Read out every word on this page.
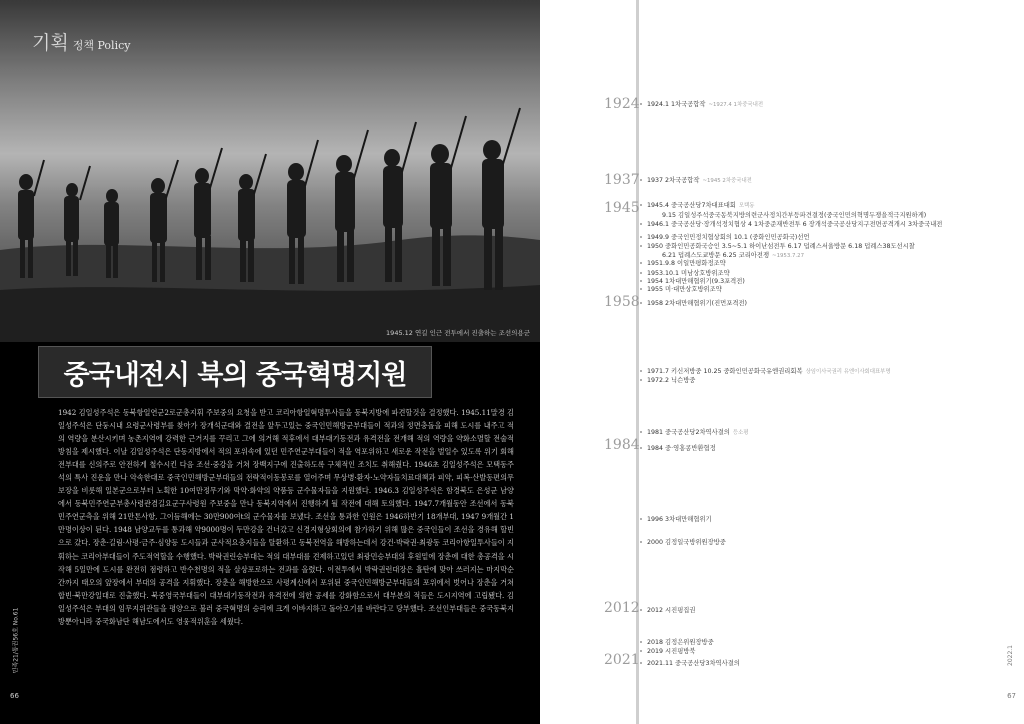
기획 정책 Policy
1945.12 연길 인근 전투에서 진출하는 조선의용군
중국내전시 북의 중국혁명지원
1942 김일성주석은 동북항일연군2로군총지휘 주보중의 요청을 받고 코리아항일혁명투사들을 동북지방에 파견할것을 결정했다. 1945.11말경 김일성주석은 단둥시내 요령군사령부를 찾아가 장개석군대와 결전을 앞두고있는 중국인민해방군부대들이 적과의 정면충돌을 피해 도시를 내주고 적의 역량을 분산시키며 농촌지역에 강력한 근거지를 꾸리고 그에 의거해 적후에서 대부대기동전과 유격전을 전개해 적의 역량을 약화소멸할 전술적방침을 제시했다. 이날 김일성주석은 단동지방에서 적의 포위속에 있던 민주연군부대들이 적을 역포위하고 새로운 작전을 벌일수 있도록 위기 회해 전부대를 신의주로 안전하게 철수시킨 다음 조선·중강을 거쳐 장백지구에 진출하도록 구체적인 조치도 취해줬다. 1946초 김일성주석은 모택동주석의 특사 진운을 만나 악속한대로 중국인민해방군부대들의 전략적이동봉로를 열어주며 무상병·환자·노약자들치료대책과 피약, 피복·산발동편의무보장을 비롯해 일본군으로부터 노획한 10여만정무기와 막약·화약의 약품등 군수물자들을 지원했다. 1946.3 김일성주석은 함경북도 은성군 남양에서 동북민주연군부총사령관겸길요군구사령원 주보중을 만나 동북지역에서 진행하게 될 작전에 대해 토의했다. 1947.7개월동안 조선에서 동북민주연군측을 위해 21만톤사항, 그이듬해에는 30만900여t의 군수물자를 보냈다. 조선을 통과한 인원은 1946하반기 18개부대, 1947 9개월간 1만명이상이 된다. 1948 남양교두를 통과해 약9000명이 두만강을 건너갔고 신경지형상회의에 참가하기 위해 많은 중국인들이 조선을 경유해 할빈으로 갔다. 장춘·길림·사평·금주·심양등 도시들과 군사적요충지들을 탈환하고 동북전역을 해방하는데서 강건·박락권·최광동 코리아항일투사들이 지휘하는 코리아부대들이 주도적역할을 수행했다. 박락권린승부대는 적의 대부대를 견제하고있던 최광민승부대의 후원밑에 장춘에 대한 총공격을 시작해 5일만에 도시를 완전히 점령하고 반수천명의 적을 살상포로하는 전과를 올렸다. 이전투에서 박락권런대장은 휼탄에 맞아 쓰러지는 마지막순간까지 태오의 앞장에서 부대의 공격을 지휘했다. 장춘을 해방한으로 사평계신에서 포위된 중국인민해방군부대들의 포위에서 벗어나 장춘을 거쳐 합빈·북만강일대로 진출했다. 북중영국부대들이 대부대기동작전과 유격전에 의한 공세를 강화함으로서 대부분의 적들은 도시지역에 고립됐다. 김일성주석은 부대의 임무지위관들을 평양으로 불러 중국혁명의 승리에 크게 이바지하고 돌아오기를 바란다고 당부했다. 조선인부대들은 중국동북지방뿐아니라 중국화남단 해남도에서도 영웅적위훈을 세웠다.
민족21/통권56호 No.61
66
1924
1937
1945
1958
1984
2012
2021
1924.1 1차국공합작 ~1927.4 1차중국내전
1937 2차국공합작 ~1945 2차중국내전
1945.4 중국공산당7차대표대회 모택동
9.15 김일성주석중국동북지방의련군사정치간부등파견결정(중국인민의혁명두쟁을적극지원하게)
1946.1 중국공산당·장개석정치협상 4 1차중준재반전투 6 장개석중국공산당지구전면공격개시 3차중국내전
1949.9 중국인민정치협상회의 10.1 (중화인민공화국)선언
1950 중화인민공화국승인 3.5~5.1 하이난섬전투 6.17 덥례스서울방문 6.18 덥례스38도선시찰
6.21 덥례스도쿄방문 6.25 코리아전쟁 ~1953.7.27
1951.9.8 이일만평화정조약
1953.10.1 미남상호방위조약
1954 1차대만해협위기(9.3포격전)
1955 미·대만상호방위조약
1958 2차대만해협위기(진먼포격전)
1971.7 키신저방중 10.25 중화인민공화국유엔권리회복 상임이사국권리 유엔이사회대표부명
1972.2 닉슨방중
1981 중국공산당2차역사결의 등소평
1984 중·영홍콩반환협정
1996 3차대만해협위기
2000 김정일국방위원장방중
2012 시진핑집권
2018 김정은위원장방중
2019 시진핑방북
2021.11 중국공산당3차역사결의	2022.1
67
